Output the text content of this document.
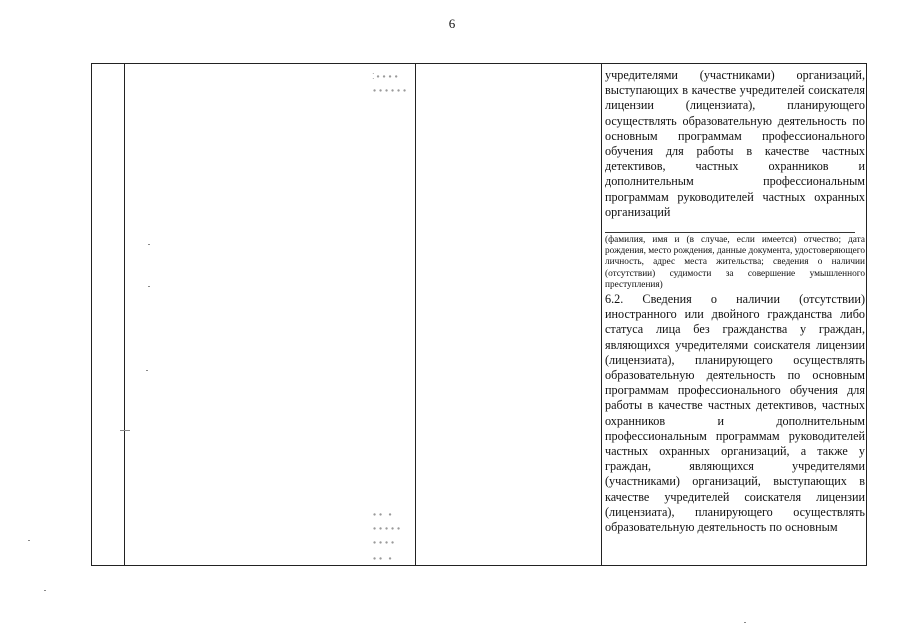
6
⁚∙∙∙∙
∙∙∙∙∙∙
∙∙ ∙
∙∙∙∙∙
∙∙∙∙
∙∙ ∙

учредителями (участниками) организаций, выступающих в качестве учредителей соискателя лицензии (лицензиата), планирующего осуществлять образовательную деятельность по основным программам профессионального обучения для работы в качестве частных детективов, частных охранников и дополнительным профессиональным программам руководителей частных охранных организаций

(фамилия, имя и (в случае, если имеется) отчество; дата рождения, место рождения, данные документа, удостоверяющего личность, адрес места жительства; сведения о наличии (отсутствии) судимости за совершение умышленного преступления)

6.2. Сведения о наличии (отсутствии) иностранного или двойного гражданства либо статуса лица без гражданства у граждан, являющихся учредителями соискателя лицензии (лицензиата), планирующего осуществлять образовательную деятельность по основным программам профессионального обучения для работы в качестве частных детективов, частных охранников и дополнительным профессиональным программам руководителей частных охранных организаций, а также у граждан, являющихся учредителями (участниками) организаций, выступающих в качестве учредителей соискателя лицензии (лицензиата), планирующего осуществлять образовательную деятельность по основным
